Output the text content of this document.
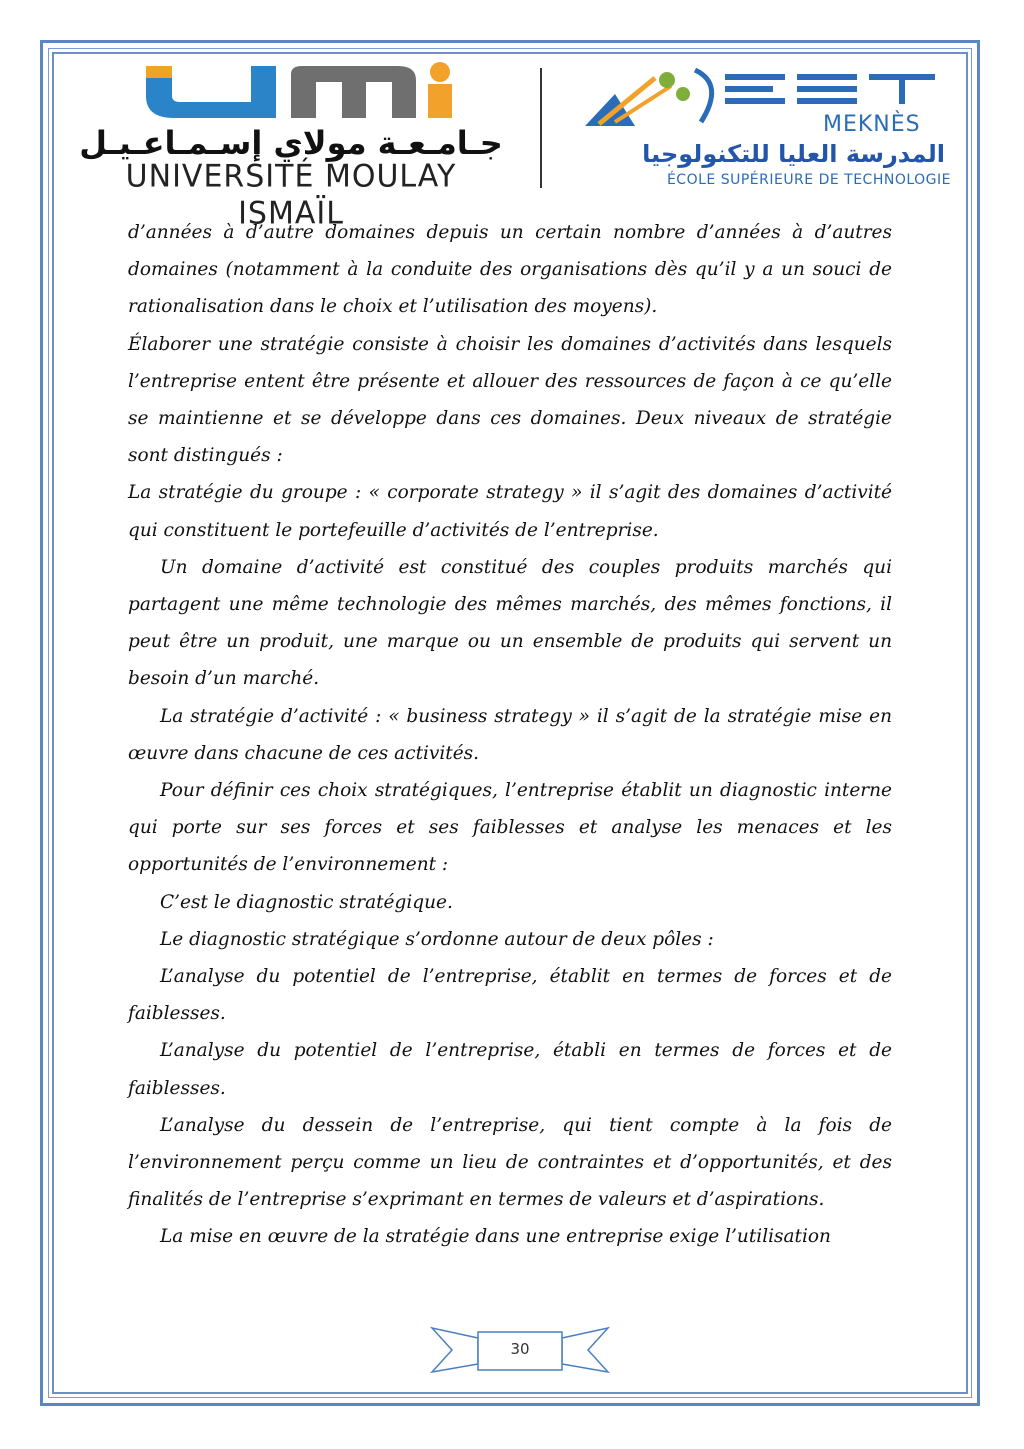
جـامـعـة مولاي إسـمـاعـيـل
UNIVERSITÉ MOULAY ISMAÏL
MEKNÈS
المدرسة العليا للتكنولوجيا
ÉCOLE SUPÉRIEURE DE TECHNOLOGIE

d’années à d’autre domaines depuis un certain nombre d’années à d’autres domaines (notamment à la conduite des organisations dès qu’il y a un souci de rationalisation dans le choix et l’utilisation des moyens).

Élaborer une stratégie consiste à choisir les domaines d’activités dans lesquels l’entreprise entent être présente et allouer des ressources de façon à ce qu’elle se maintienne et se développe dans ces domaines. Deux niveaux de stratégie sont distingués :

La stratégie du groupe : « corporate strategy » il s’agit des domaines d’activité qui constituent le portefeuille d’activités de l’entreprise.

Un domaine d’activité est constitué des couples produits marchés qui partagent une même technologie des mêmes marchés, des mêmes fonctions, il peut être un produit, une marque ou un ensemble de produits qui servent un besoin d’un marché.

La stratégie d’activité : « business strategy » il s’agit de la stratégie mise en œuvre dans chacune de ces activités.

Pour définir ces choix stratégiques, l’entreprise établit un diagnostic interne qui porte sur ses forces et ses faiblesses et analyse les menaces et les opportunités de l’environnement :

C’est le diagnostic stratégique.

Le diagnostic stratégique s’ordonne autour de deux pôles :

L’analyse du potentiel de l’entreprise, établit en termes de forces et de faiblesses.

L’analyse du potentiel de l’entreprise, établi en termes de forces et de faiblesses.

L’analyse du dessein de l’entreprise, qui tient compte à la fois de l’environnement perçu comme un lieu de contraintes et d’opportunités, et des finalités de l’entreprise s’exprimant en termes de valeurs et d’aspirations.

La mise en œuvre de la stratégie dans une entreprise exige l’utilisation

30
